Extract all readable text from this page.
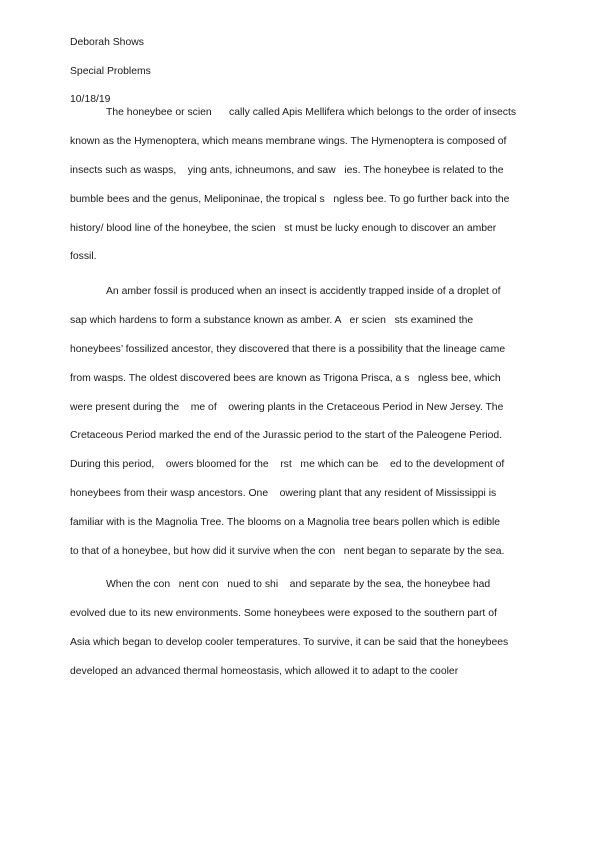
Deborah Shows
Special Problems
10/18/19
The honeybee or scien      cally called Apis Mellifera which belongs to the order of insects
known as the Hymenoptera, which means membrane wings. The Hymenoptera is composed of
insects such as wasps,    ying ants, ichneumons, and saw   ies. The honeybee is related to the
bumble bees and the genus, Meliponinae, the tropical s   ngless bee. To go further back into the
history/ blood line of the honeybee, the scien   st must be lucky enough to discover an amber
fossil.
An amber fossil is produced when an insect is accidently trapped inside of a droplet of
sap which hardens to form a substance known as amber. A   er scien   sts examined the
honeybees’ fossilized ancestor, they discovered that there is a possibility that the lineage came
from wasps. The oldest discovered bees are known as Trigona Prisca, a s   ngless bee, which
were present during the    me of    owering plants in the Cretaceous Period in New Jersey. The
Cretaceous Period marked the end of the Jurassic period to the start of the Paleogene Period.
During this period,    owers bloomed for the    rst   me which can be    ed to the development of
honeybees from their wasp ancestors. One    owering plant that any resident of Mississippi is
familiar with is the Magnolia Tree. The blooms on a Magnolia tree bears pollen which is edible
to that of a honeybee, but how did it survive when the con   nent began to separate by the sea.
When the con   nent con   nued to shi    and separate by the sea, the honeybee had
evolved due to its new environments. Some honeybees were exposed to the southern part of
Asia which began to develop cooler temperatures. To survive, it can be said that the honeybees
developed an advanced thermal homeostasis, which allowed it to adapt to the cooler
